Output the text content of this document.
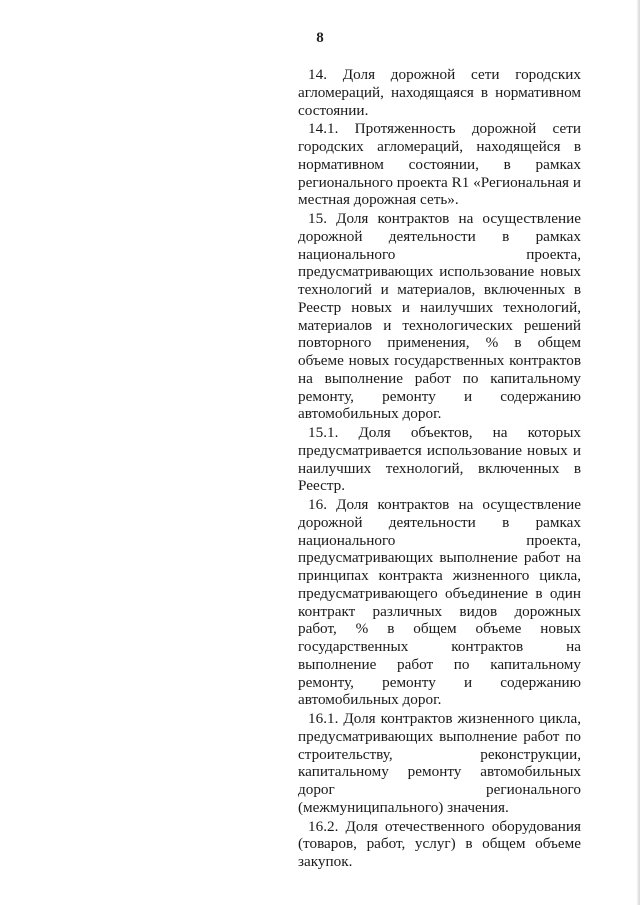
8

14. Доля дорожной сети городских агломераций, находящаяся в нормативном состоянии.

14.1. Протяженность дорожной сети городских агломераций, находящейся в нормативном состоянии, в рамках регионального проекта R1 «Региональная и местная дорожная сеть».

15. Доля контрактов на осуществление дорожной деятельности в рамках национального проекта, предусматривающих использование новых технологий и материалов, включенных в Реестр новых и наилучших технологий, материалов и технологических решений повторного применения, % в общем объеме новых государственных контрактов на выполнение работ по капитальному ремонту, ремонту и содержанию автомобильных дорог.

15.1. Доля объектов, на которых предусматривается использование новых и наилучших технологий, включенных в Реестр.

16. Доля контрактов на осуществление дорожной деятельности в рамках национального проекта, предусматривающих выполнение работ на принципах контракта жизненного цикла, предусматривающего объединение в один контракт различных видов дорожных работ, % в общем объеме новых государственных контрактов на выполнение работ по капитальному ремонту, ремонту и содержанию автомобильных дорог.

16.1. Доля контрактов жизненного цикла, предусматривающих выполнение работ по строительству, реконструкции, капитальному ремонту автомобильных дорог регионального (межмуниципального) значения.

16.2. Доля отечественного оборудования (товаров, работ, услуг) в общем объеме закупок.
